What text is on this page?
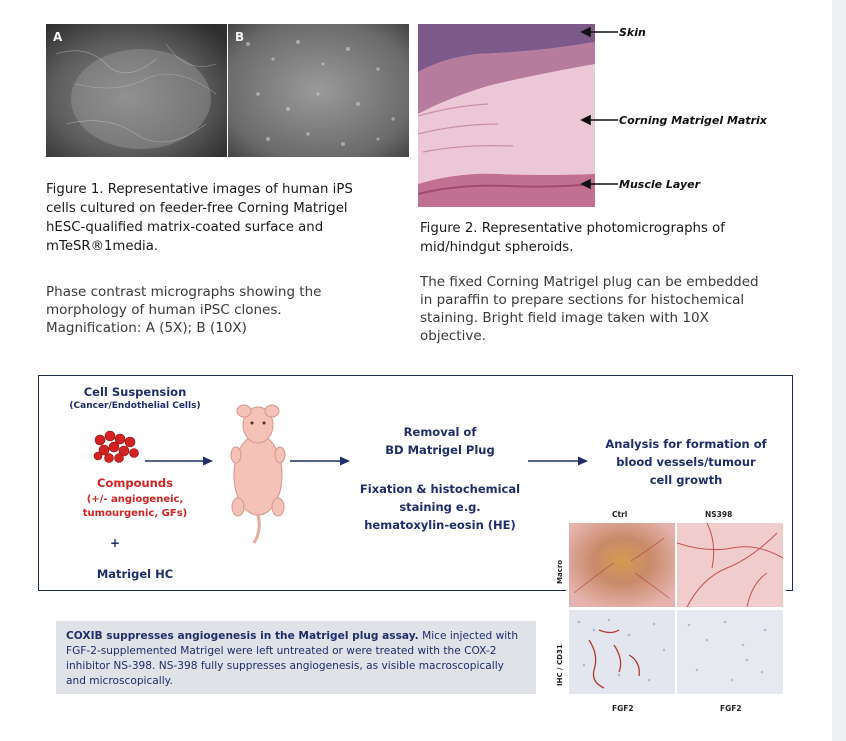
A	B
Figure 1. Representative images of human iPS
cells cultured on feeder-free Corning Matrigel
hESC-qualified matrix-coated surface and
mTeSR®1media.
Phase contrast micrographs showing the
morphology of human iPSC clones.
Magnification: A (5X); B (10X)
Skin
Corning Matrigel Matrix
Muscle Layer
Figure 2. Representative photomicrographs of
mid/hindgut spheroids.
The fixed Corning Matrigel plug can be embedded
in paraffin to prepare sections for histochemical
staining. Bright field image taken with 10X
objective.
Cell Suspension
(Cancer/Endothelial Cells)
Compounds
(+/- angiogeneic,
tumourgenic, GFs)
+
Matrigel HC
Removal of
BD Matrigel Plug
Fixation & histochemical
staining e.g.
hematoxylin-eosin (HE)
Analysis for formation of
blood vessels/tumour
cell growth
Ctrl	NS398
Macro
IHC / CD31
FGF2	FGF2

COXIB suppresses angiogenesis in the Matrigel plug assay. Mice injected with FGF-2-supplemented Matrigel were left untreated or were treated with the COX-2 inhibitor NS-398. NS-398 fully suppresses angiogenesis, as visible macroscopically and microscopically.
